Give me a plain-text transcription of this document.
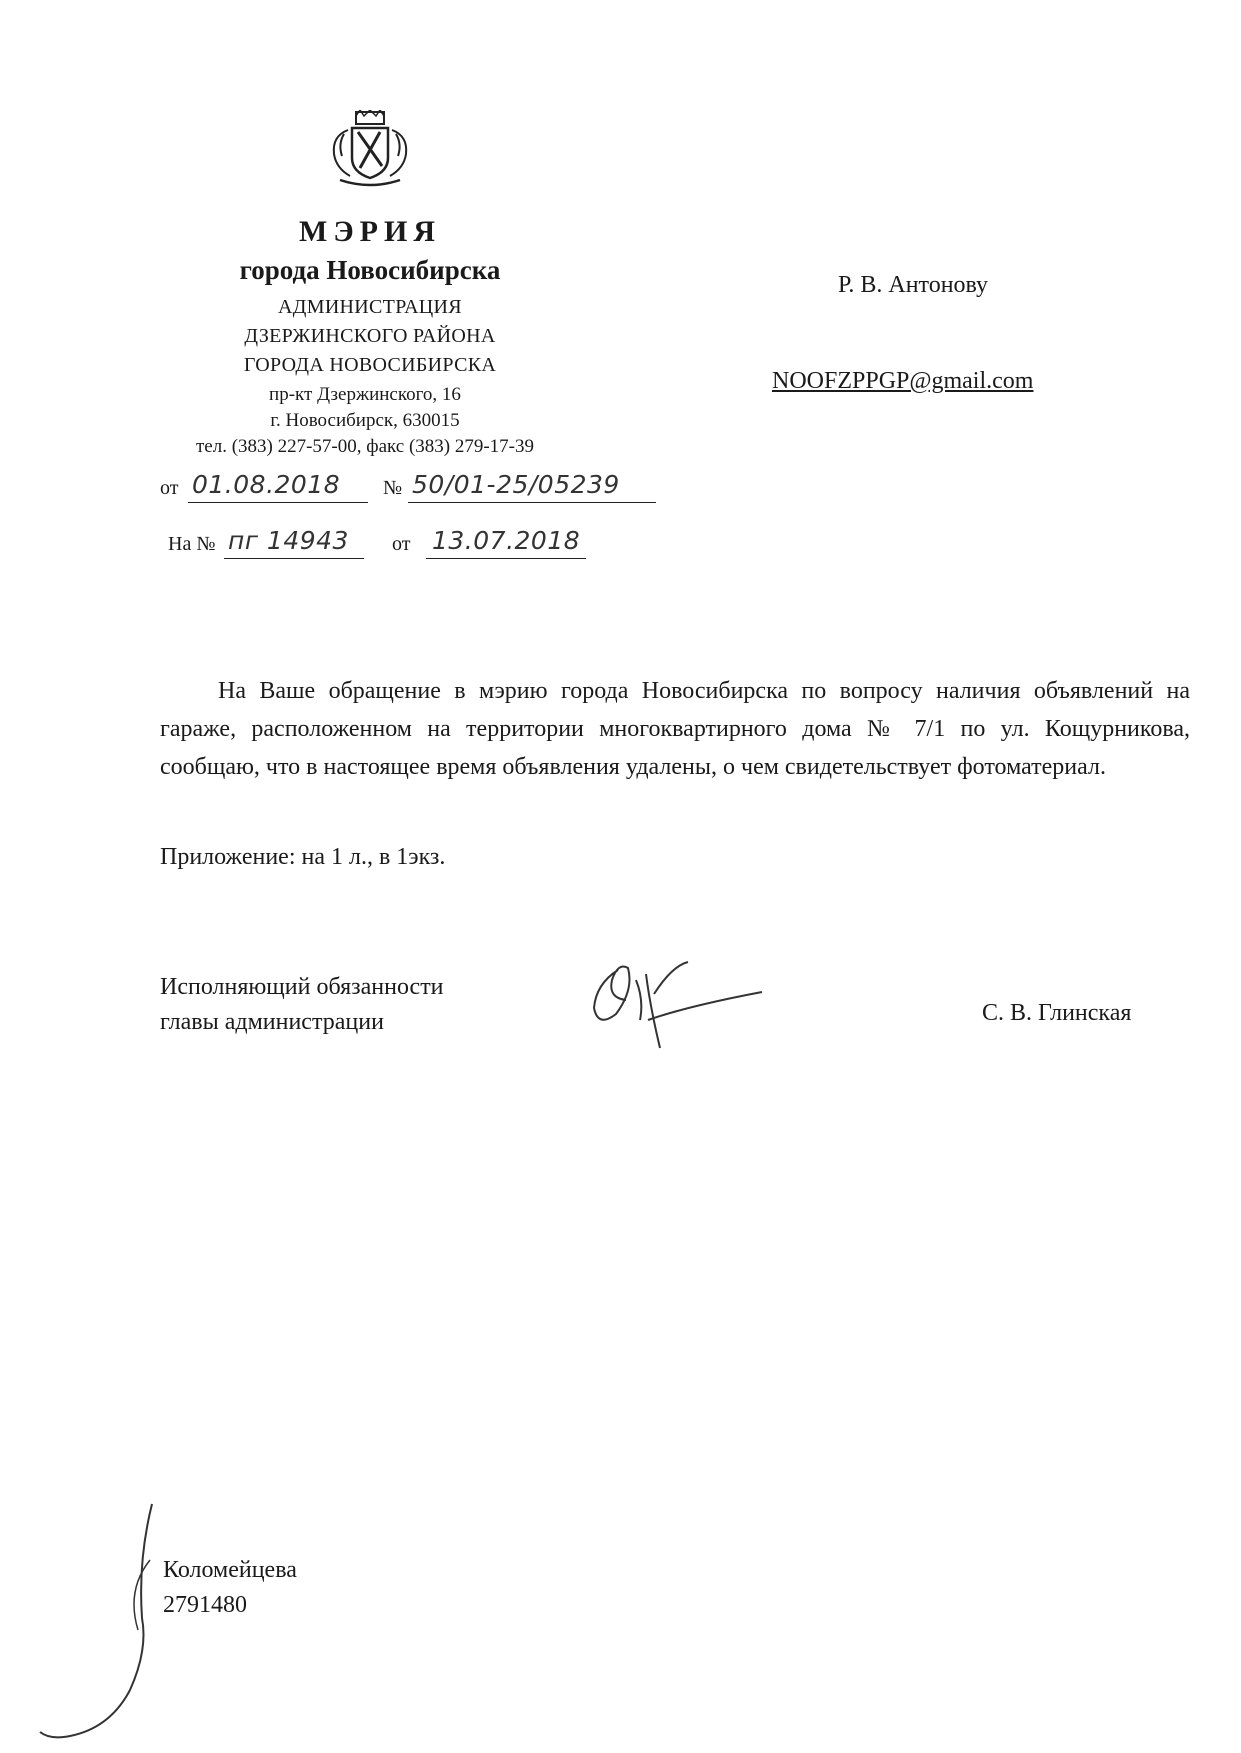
МЭРИЯ
города Новосибирска
АДМИНИСТРАЦИЯ
ДЗЕРЖИНСКОГО РАЙОНА
ГОРОДА НОВОСИБИРСКА
пр-кт Дзержинского, 16
г. Новосибирск, 630015
тел. (383) 227-57-00, факс (383) 279-17-39
от 01.08.2018 № 50/01-25/05239
На № пг 14943 от 13.07.2018
Р. В. Антонову
NOOFZPPGP@gmail.com

На Ваше обращение в мэрию города Новосибирска по вопросу наличия объявлений на гараже, расположенном на территории многоквартирного дома № 7/1 по ул. Кощурникова, сообщаю, что в настоящее время объявления удалены, о чем свидетельствует фотоматериал.

Приложение: на 1 л., в 1экз.
Исполняющий обязанности
главы администрации	С. В. Глинская
Коломейцева
2791480
